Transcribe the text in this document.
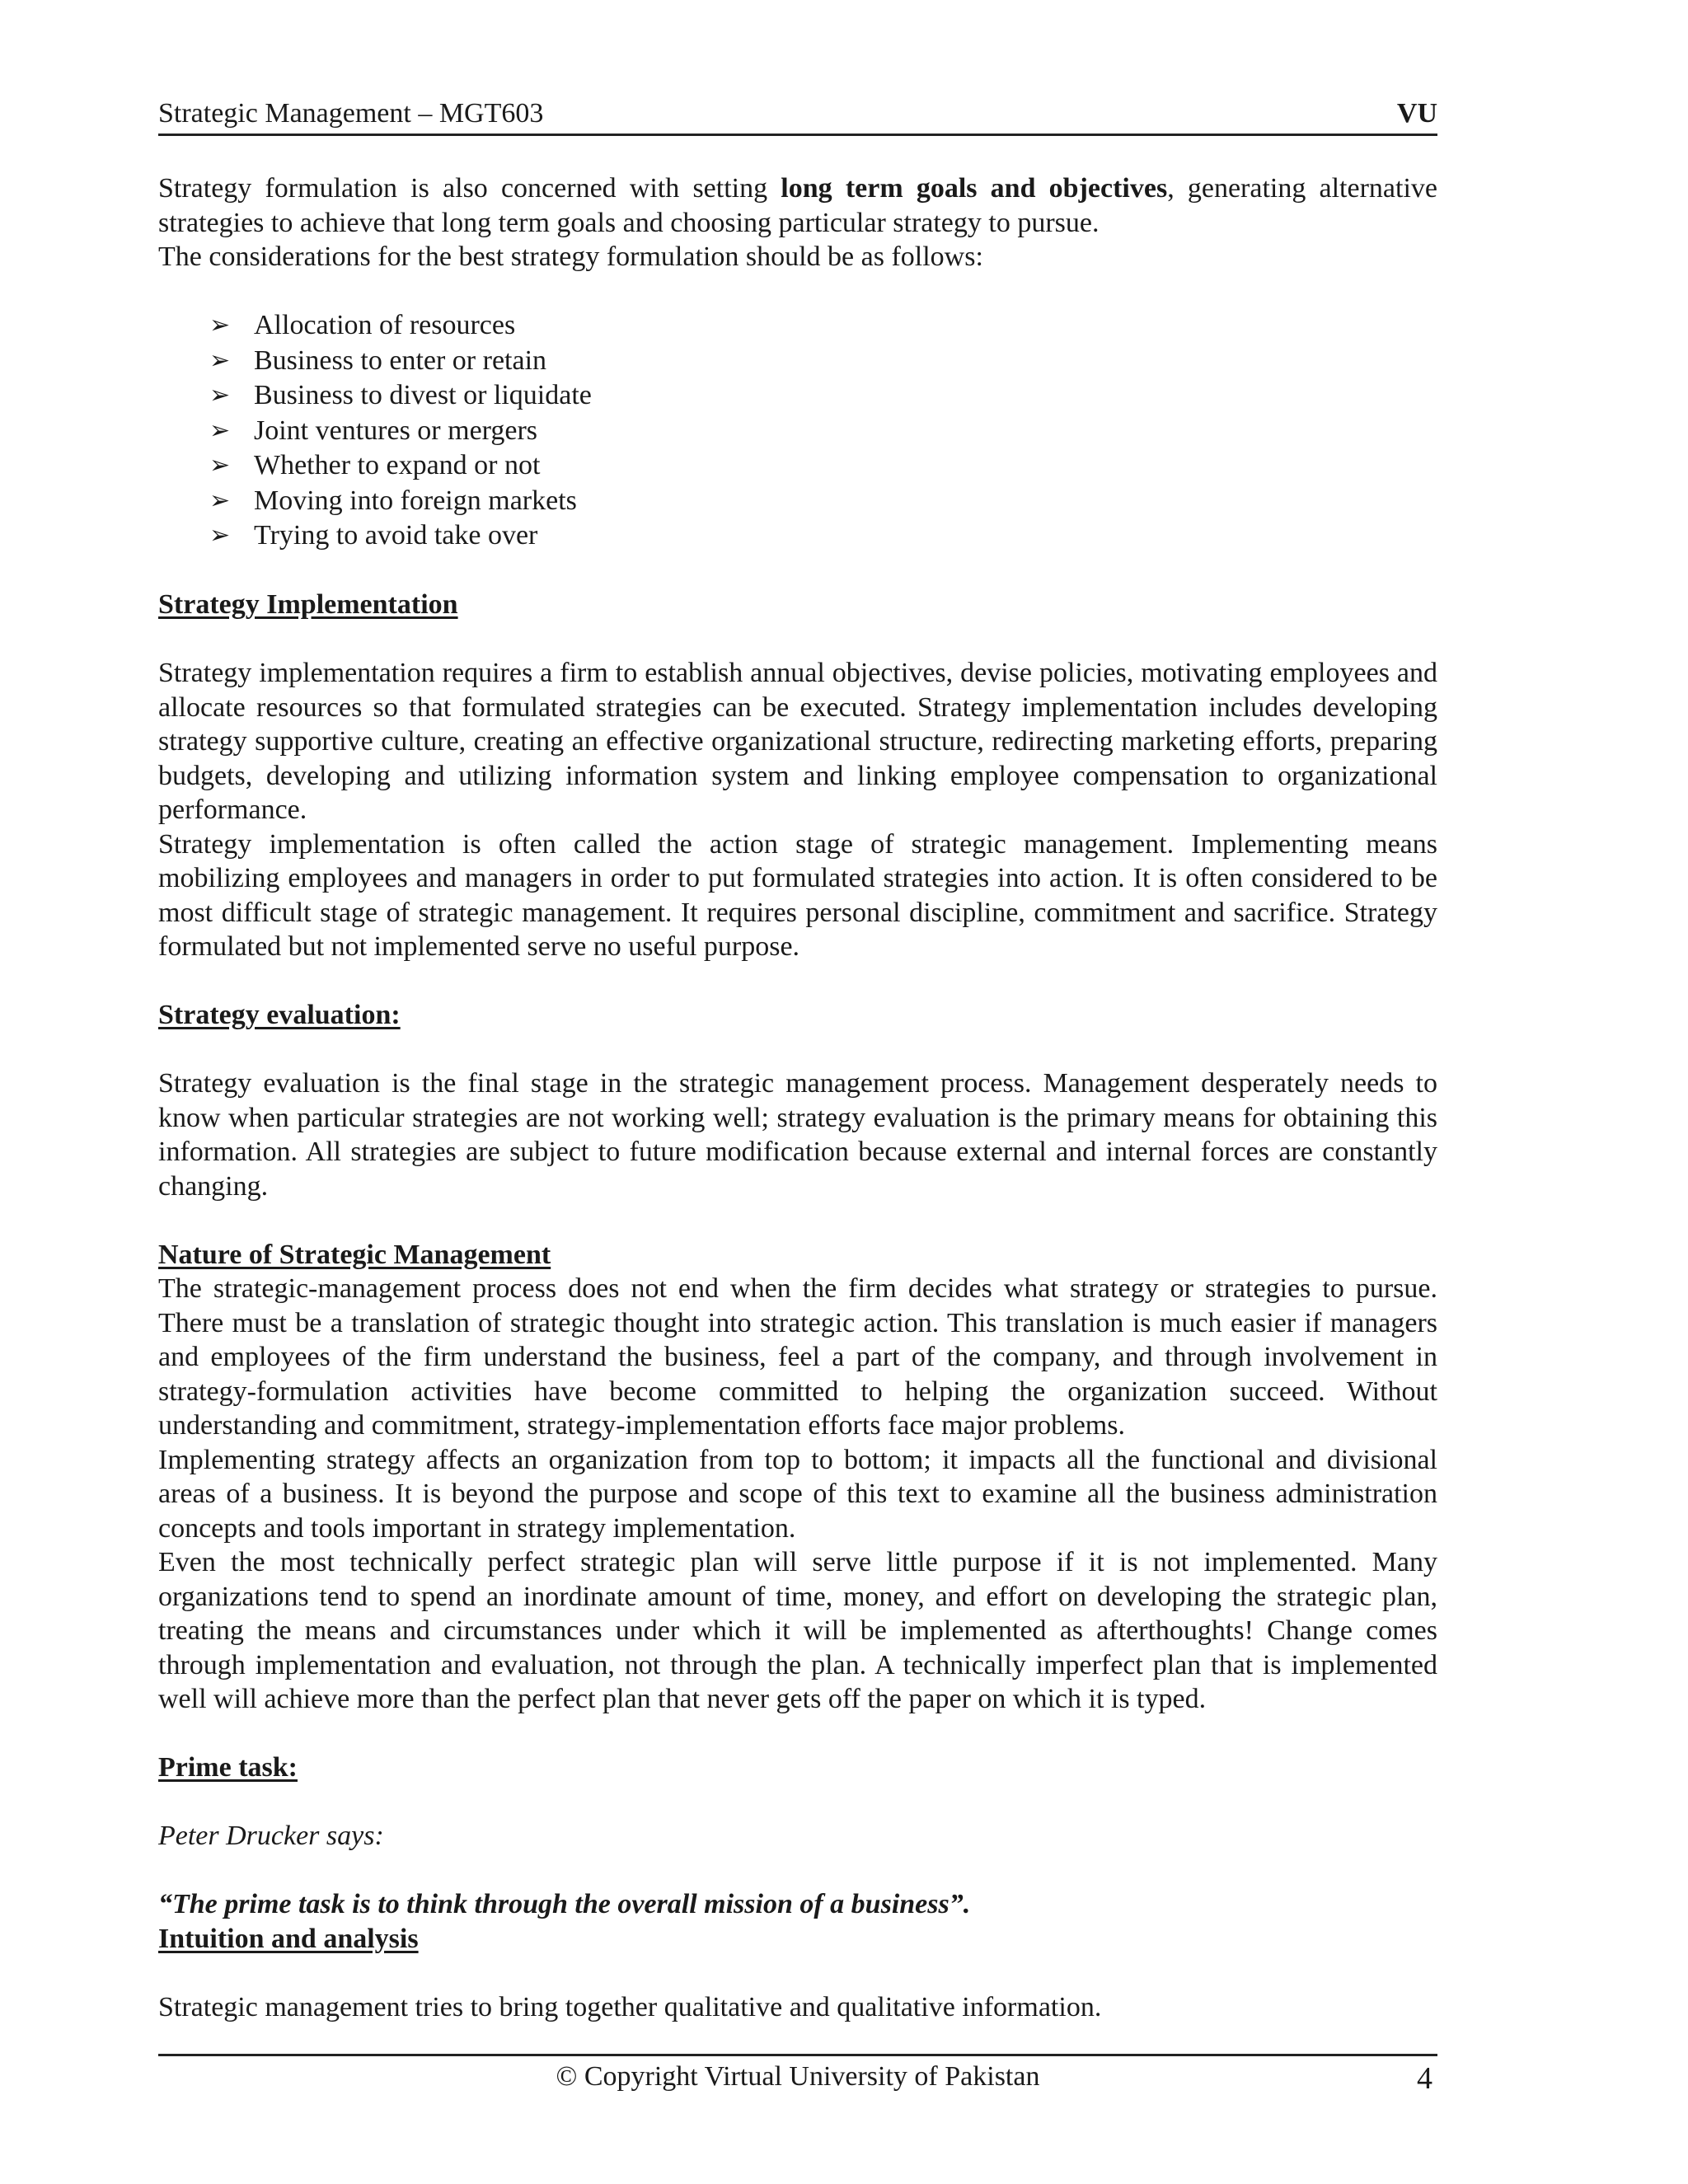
Strategic Management – MGT603	VU

Strategy formulation is also concerned with setting long term goals and objectives, generating alternative strategies to achieve that long term goals and choosing particular strategy to pursue.

The considerations for the best strategy formulation should be as follows:

➢ Allocation of resources
➢ Business to enter or retain
➢ Business to divest or liquidate
➢ Joint ventures or mergers
➢ Whether to expand or not
➢ Moving into foreign markets
➢ Trying to avoid take over

Strategy Implementation

Strategy implementation requires a firm to establish annual objectives, devise policies, motivating employees and allocate resources so that formulated strategies can be executed. Strategy implementation includes developing strategy supportive culture, creating an effective organizational structure, redirecting marketing efforts, preparing budgets, developing and utilizing information system and linking employee compensation to organizational performance.

Strategy implementation is often called the action stage of strategic management. Implementing means mobilizing employees and managers in order to put formulated strategies into action. It is often considered to be most difficult stage of strategic management. It requires personal discipline, commitment and sacrifice. Strategy formulated but not implemented serve no useful purpose.

Strategy evaluation:

Strategy evaluation is the final stage in the strategic management process. Management desperately needs to know when particular strategies are not working well; strategy evaluation is the primary means for obtaining this information. All strategies are subject to future modification because external and internal forces are constantly changing.

Nature of Strategic Management

The strategic-management process does not end when the firm decides what strategy or strategies to pursue. There must be a translation of strategic thought into strategic action. This translation is much easier if managers and employees of the firm understand the business, feel a part of the company, and through involvement in strategy-formulation activities have become committed to helping the organization succeed. Without understanding and commitment, strategy-implementation efforts face major problems.

Implementing strategy affects an organization from top to bottom; it impacts all the functional and divisional areas of a business. It is beyond the purpose and scope of this text to examine all the business administration concepts and tools important in strategy implementation.

Even the most technically perfect strategic plan will serve little purpose if it is not implemented. Many organizations tend to spend an inordinate amount of time, money, and effort on developing the strategic plan, treating the means and circumstances under which it will be implemented as afterthoughts! Change comes through implementation and evaluation, not through the plan. A technically imperfect plan that is implemented well will achieve more than the perfect plan that never gets off the paper on which it is typed.

Prime task:

Peter Drucker says:

“The prime task is to think through the overall mission of a business”.

Intuition and analysis

Strategic management tries to bring together qualitative and qualitative information.

© Copyright Virtual University of Pakistan	4
